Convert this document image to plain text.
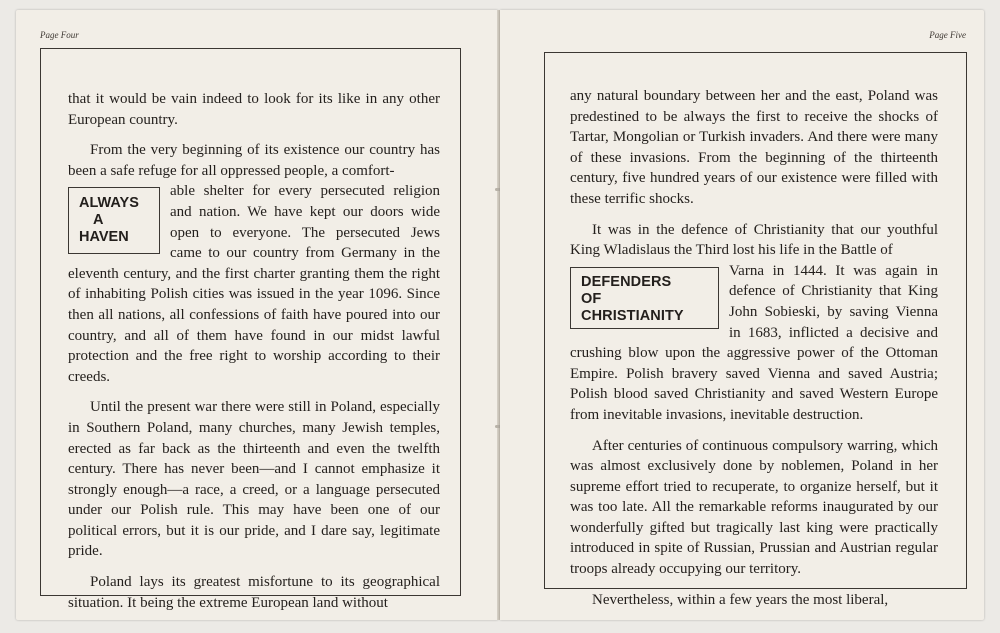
Page Four

that it would be vain indeed to look for its like in any other European country.

From the very beginning of its existence our country has been a safe refuge for all oppressed people, a comfort-

ALWAYS
A
HAVEN

able shelter for every persecuted religion and nation. We have kept our doors wide open to everyone. The persecuted Jews came to our country from Germany in the eleventh century, and the first charter granting them the right of inhabiting Polish cities was issued in the year 1096. Since then all nations, all confessions of faith have poured into our country, and all of them have found in our midst lawful protection and the free right to worship according to their creeds.

Until the present war there were still in Poland, especially in Southern Poland, many churches, many Jewish temples, erected as far back as the thirteenth and even the twelfth century. There has never been—and I cannot emphasize it strongly enough—a race, a creed, or a language persecuted under our Polish rule. This may have been one of our political errors, but it is our pride, and I dare say, legitimate pride.

Poland lays its greatest misfortune to its geographical situation. It being the extreme European land without

Page Five

any natural boundary between her and the east, Poland was predestined to be always the first to receive the shocks of Tartar, Mongolian or Turkish invaders. And there were many of these invasions. From the beginning of the thirteenth century, five hundred years of our existence were filled with these terrific shocks.

It was in the defence of Christianity that our youthful King Wladislaus the Third lost his life in the Battle of

DEFENDERS
OF
CHRISTIANITY

Varna in 1444. It was again in defence of Christianity that King John Sobieski, by saving Vienna in 1683, inflicted a decisive and crushing blow upon the aggressive power of the Ottoman Empire. Polish bravery saved Vienna and saved Austria; Polish blood saved Christianity and saved Western Europe from inevitable invasions, inevitable destruction.

After centuries of continuous compulsory warring, which was almost exclusively done by noblemen, Poland in her supreme effort tried to recuperate, to organize herself, but it was too late. All the remarkable reforms inaugurated by our wonderfully gifted but tragically last king were practically introduced in spite of Russian, Prussian and Austrian regular troops already occupying our territory.

Nevertheless, within a few years the most liberal,
